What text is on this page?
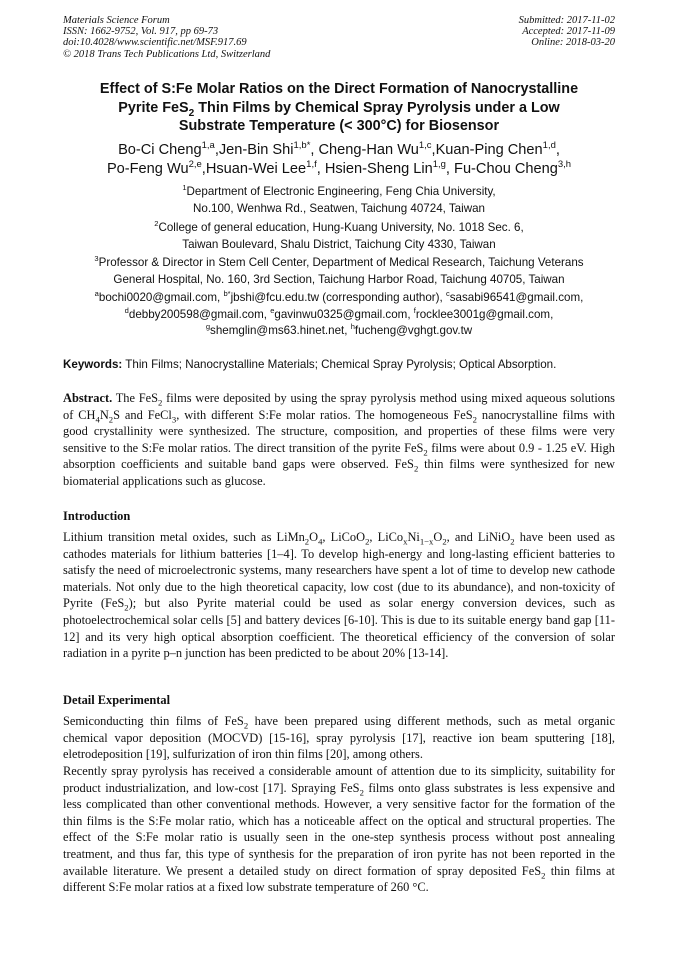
Materials Science Forum
ISSN: 1662-9752, Vol. 917, pp 69-73
doi:10.4028/www.scientific.net/MSF.917.69
© 2018 Trans Tech Publications Ltd, Switzerland
Submitted: 2017-11-02
Accepted: 2017-11-09
Online: 2018-03-20
Effect of S:Fe Molar Ratios on the Direct Formation of Nanocrystalline
Pyrite FeS$_2$ Thin Films by Chemical Spray Pyrolysis under a Low
Substrate Temperature (< 300°C) for Biosensor
Bo-Ci Cheng$^{1,a}$,Jen-Bin Shi$^{1,b*}$, Cheng-Han Wu$^{1,c}$,Kuan-Ping Chen$^{1,d}$,
Po-Feng Wu$^{2,e}$,Hsuan-Wei Lee$^{1,f}$, Hsien-Sheng Lin$^{1,g}$, Fu-Chou Cheng$^{3,h}$
$^1$Department of Electronic Engineering, Feng Chia University,
No.100, Wenhwa Rd., Seatwen, Taichung 40724, Taiwan
$^2$College of general education, Hung-Kuang University, No. 1018 Sec. 6,
Taiwan Boulevard, Shalu District, Taichung City 4330, Taiwan
$^3$Professor & Director in Stem Cell Center, Department of Medical Research, Taichung Veterans
General Hospital, No. 160, 3rd Section, Taichung Harbor Road, Taichung 40705, Taiwan
$^a$bochi0020@gmail.com, $^{b*}$jbshi@fcu.edu.tw (corresponding author), $^c$sasabi96541@gmail.com,
$^d$debby200598@gmail.com, $^e$gavinwu0325@gmail.com, $^f$rocklee3001g@gmail.com,
$^g$shemglin@ms63.hinet.net, $^h$fucheng@vghgt.gov.tw
Keywords: Thin Films; Nanocrystalline Materials; Chemical Spray Pyrolysis; Optical Absorption.
Abstract. The FeS$_2$ films were deposited by using the spray pyrolysis method using mixed aqueous solutions of $CH_4N_2S$ and FeCl$_3$, with different S:Fe molar ratios. The homogeneous FeS$_2$ nanocrystalline films with good crystallinity were synthesized. The structure, composition, and properties of these films were very sensitive to the S:Fe molar ratios. The direct transition of the pyrite FeS$_2$ films were about 0.9 - 1.25 eV. High absorption coefficients and suitable band gaps were observed. FeS$_2$ thin films were synthesized for new biomaterial applications such as glucose.
Introduction
Lithium transition metal oxides, such as $LiMn_2O_4$, LiCoO$_2$, $LiCo_xNi_{1-x}O_2$, and LiNiO$_2$ have been used as cathodes materials for lithium batteries [1–4]. To develop high-energy and long-lasting efficient batteries to satisfy the need of microelectronic systems, many researchers have spent a lot of time to develop new cathode materials. Not only due to the high theoretical capacity, low cost (due to its abundance), and non-toxicity of Pyrite (FeS$_2$); but also Pyrite material could be used as solar energy conversion devices, such as photoelectrochemical solar cells [5] and battery devices [6-10]. This is due to its suitable energy band gap [11-12] and its very high optical absorption coefficient. The theoretical efficiency of the conversion of solar radiation in a pyrite p–n junction has been predicted to be about 20% [13-14].
Detail Experimental
Semiconducting thin films of FeS$_2$ have been prepared using different methods, such as metal organic chemical vapor deposition (MOCVD) [15-16], spray pyrolysis [17], reactive ion beam sputtering [18], eletrodeposition [19], sulfurization of iron thin films [20], among others.
Recently spray pyrolysis has received a considerable amount of attention due to its simplicity, suitability for product industrialization, and low-cost [17]. Spraying FeS$_2$ films onto glass substrates is less expensive and less complicated than other conventional methods. However, a very sensitive factor for the formation of the thin films is the S:Fe molar ratio, which has a noticeable affect on the optical and structural properties. The effect of the S:Fe molar ratio is usually seen in the one-step synthesis process without post annealing treatment, and thus far, this type of synthesis for the preparation of iron pyrite has not been reported in the available literature. We present a detailed study on direct formation of spray deposited FeS$_2$ thin films at different S:Fe molar ratios at a fixed low substrate temperature of 260 °C.
